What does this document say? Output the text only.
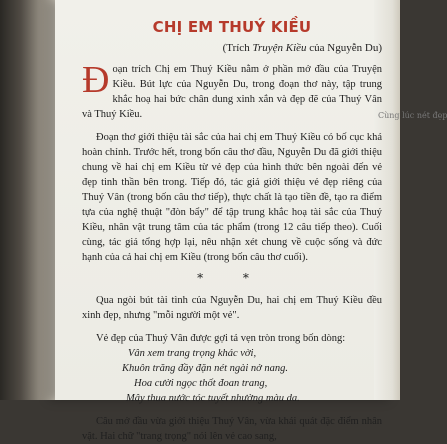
Cùng lúc nét đẹp
CHỊ EM THUÝ KIỀU
(Trích Truyện Kiều của Nguyễn Du)

Đ oạn trích Chị em Thuý Kiều nằm ở phần mở đầu của Truyện Kiều. Bút lực của Nguyễn Du, trong đoạn thơ này, tập trung khắc hoạ hai bức chân dung xinh xắn và đẹp đẽ của Thuý Vân và Thuý Kiều.

Đoạn thơ giới thiệu tài sắc của hai chị em Thuý Kiều có bố cục khá hoàn chỉnh. Trước hết, trong bốn câu thơ đầu, Nguyễn Du đã giới thiệu chung về hai chị em Kiều từ vẻ đẹp của hình thức bên ngoài đến vẻ đẹp tinh thần bên trong. Tiếp đó, tác giả giới thiệu vẻ đẹp riêng của Thuý Vân (trong bốn câu thơ tiếp), thực chất là tạo tiền đề, tạo ra điểm tựa của nghệ thuật "đòn bẩy" để tập trung khắc hoạ tài sắc của Thuý Kiều, nhân vật trung tâm của tác phẩm (trong 12 câu tiếp theo). Cuối cùng, tác giả tổng hợp lại, nêu nhận xét chung về cuộc sống và đức hạnh của cả hai chị em Kiều (trong bốn câu thơ cuối).

* *

Qua ngòi bút tài tình của Nguyễn Du, hai chị em Thuý Kiều đều xinh đẹp, nhưng "mỗi người một vẻ".

Vẻ đẹp của Thuý Vân được gợi tả vẹn tròn trong bốn dòng:

Vân xem trang trọng khác vời,
Khuôn trăng đầy đặn nét ngài nở nang.
Hoa cười ngọc thốt đoan trang,
Mây thua nước tóc tuyết nhường màu da.

Câu mở đầu vừa giới thiệu Thuý Vân, vừa khái quát đặc điểm nhân vật. Hai chữ "trang trọng" nói lên vẻ cao sang,
